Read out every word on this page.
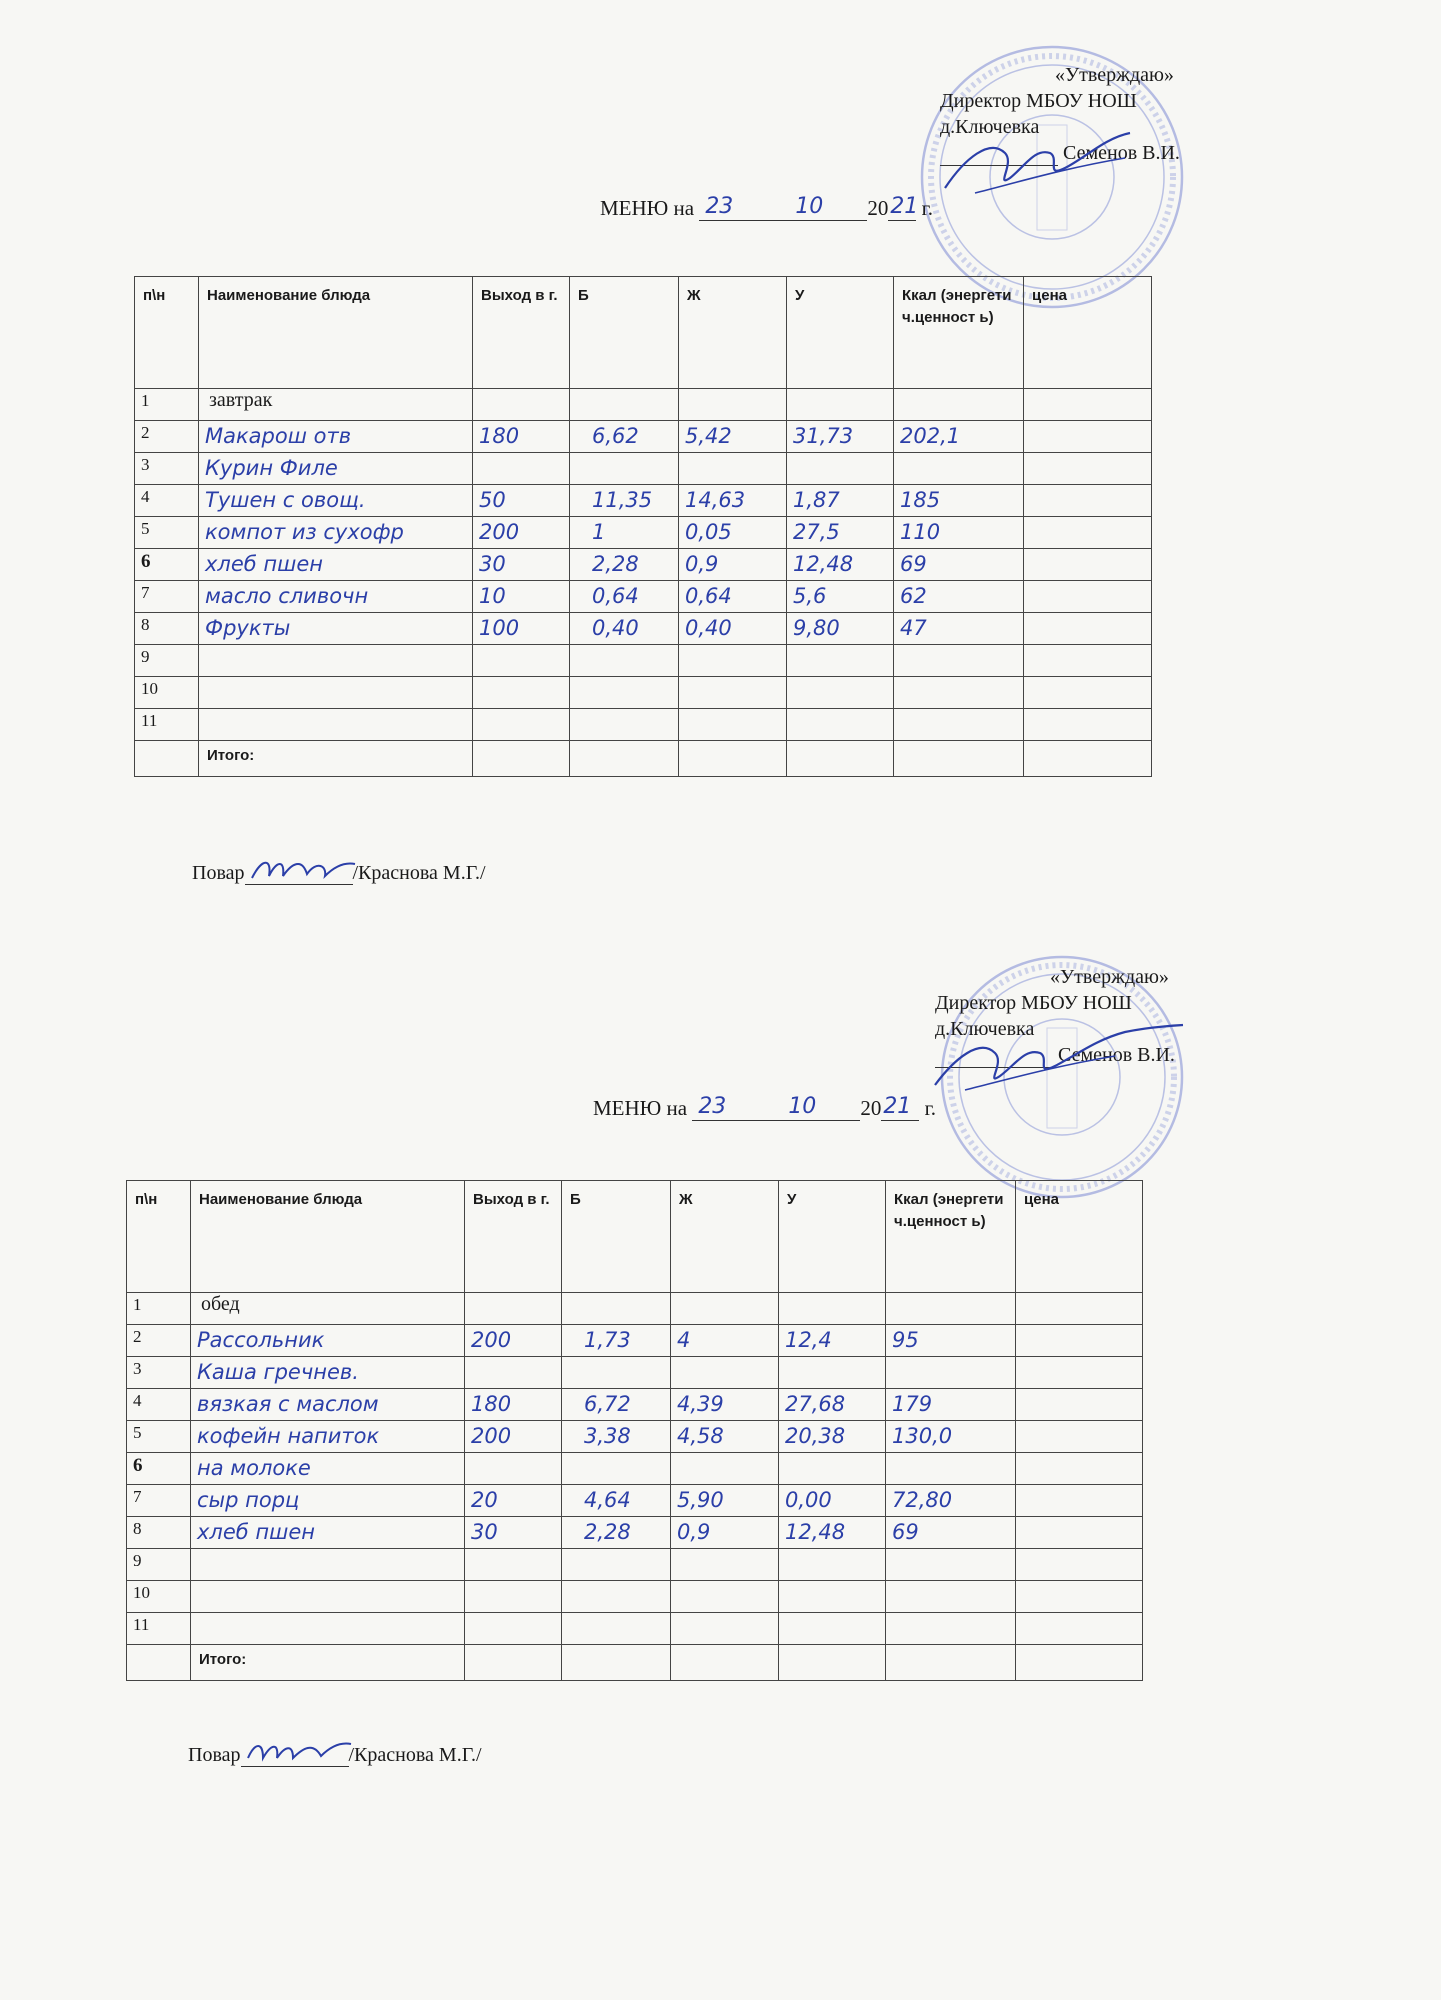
«Утверждаю»
Директор МБОУ НОШ
д.Ключевка
Семенов В.И.
МЕНЮ на 23	10 20 21 г.
п\н	Наименование блюда	Выход в г.	Б	Ж	У	Ккал (энергети ч.ценност ь)	цена
1	завтрак	

2	Макарош отв	180	6,62	5,42	31,73	202,1	

3	Курин Филе						

4	Тушен с овощ.	50	11,35	14,63	1,87	185	

5	компот из сухофр	200	1	0,05	27,5	110	

6	хлеб пшен	30	2,28	0,9	12,48	69	

7	масло сливочн	10	0,64	0,64	5,6	62	

8	Фрукты	100	0,40	0,40	9,80	47	

9	

10	

11	

	Итого:						
Повар	/Краснова М.Г./
«Утверждаю»
Директор МБОУ НОШ
д.Ключевка
Семенов В.И.
МЕНЮ на 23	10 20 21 г.
п\н	Наименование блюда	Выход в г.	Б	Ж	У	Ккал (энергети ч.ценност ь)	цена
1	обед	

2	Рассольник	200	1,73	4	12,4	95	

3	Каша гречнев.						

4	вязкая с маслом	180	6,72	4,39	27,68	179	

5	кофейн напиток	200	3,38	4,58	20,38	130,0	

6	на молоке						

7	сыр порц	20	4,64	5,90	0,00	72,80	

8	хлеб пшен	30	2,28	0,9	12,48	69	

9	

10	

11	

	Итого:						
Повар	/Краснова М.Г./
